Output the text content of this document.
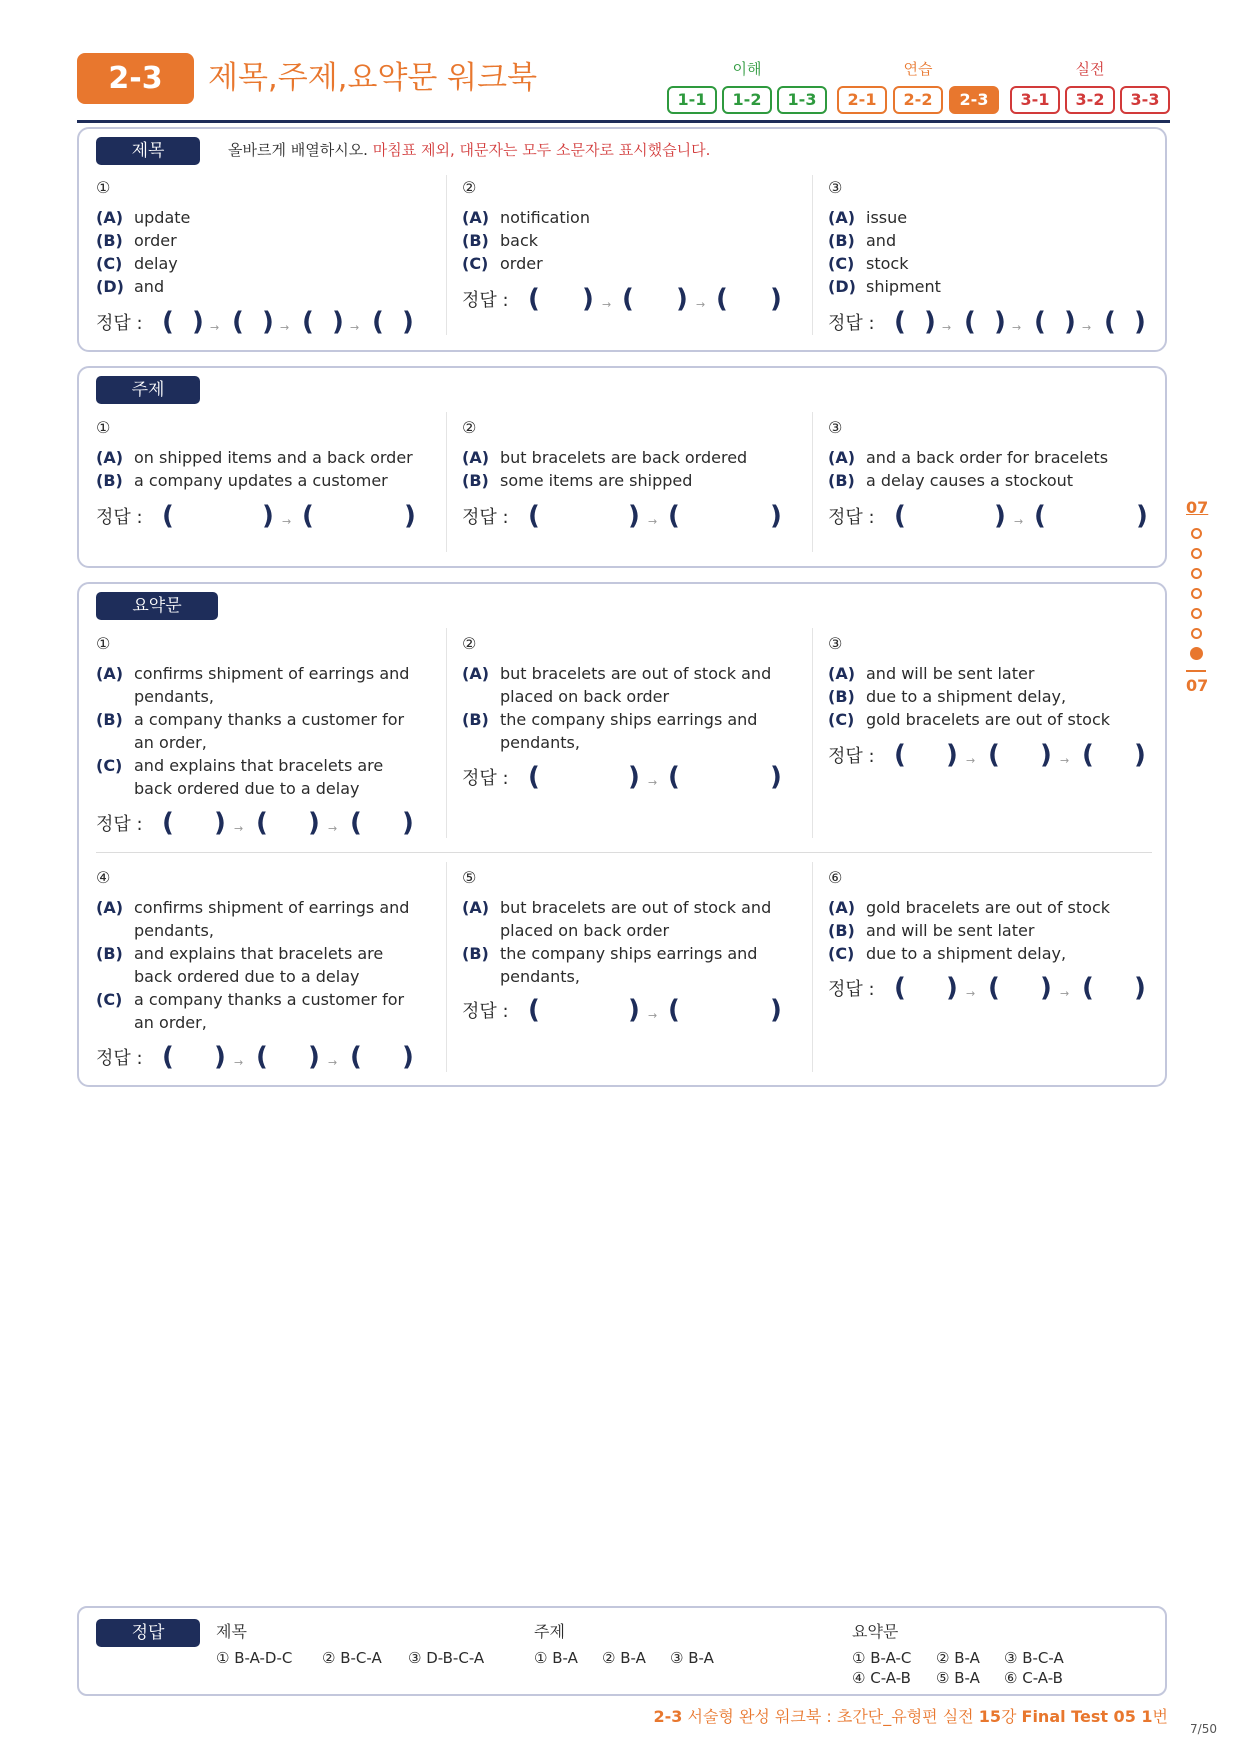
2-3	제목,주제,요약문 워크북	이해	연습	실전
1-1	1-2	1-3	2-1	2-2	2-3	3-1	3-2	3-3
제목	올바르게 배열하시오. 마침표 제외, 대문자는 모두 소문자로 표시했습니다.
①
(A) update
(B) order
(C) delay
(D) and
정답 : ( ) → ( ) → ( ) → ( )
②
(A) notification
(B) back
(C) order
정답 : ( ) → ( ) → ( )
③
(A) issue
(B) and
(C) stock
(D) shipment
정답 : ( ) → ( ) → ( ) → ( )
주제
①
(A) on shipped items and a back order
(B) a company updates a customer
정답 : (	) → (	)
②
(A) but bracelets are back ordered
(B) some items are shipped
정답 : (	) → (	)
③
(A) and a back order for bracelets
(B) a delay causes a stockout
정답 : (	) → (	)
요약문
①
(A) confirms shipment of earrings and
pendants,
(B) a company thanks a customer for
an order,
(C) and explains that bracelets are
back ordered due to a delay
정답 : ( ) → ( ) → ( )
②
(A) but bracelets are out of stock and
placed on back order
(B) the company ships earrings and
pendants,
정답 : (	) → (	)
③
(A) and will be sent later
(B) due to a shipment delay,
(C) gold bracelets are out of stock
정답 : ( ) → ( ) → ( )
④
(A) confirms shipment of earrings and
pendants,
(B) and explains that bracelets are
back ordered due to a delay
(C) a company thanks a customer for
an order,
정답 : ( ) → ( ) → ( )
⑤
(A) but bracelets are out of stock and
placed on back order
(B) the company ships earrings and
pendants,
정답 : (	) → (	)
⑥
(A) gold bracelets are out of stock
(B) and will be sent later
(C) due to a shipment delay,
정답 : ( ) → ( ) → ( )
07
07
정답	제목
① B-A-D-C ② B-C-A ③ D-B-C-A
주제
① B-A ② B-A ③ B-A
요약문
① B-A-C ② B-A ③ B-C-A
④ C-A-B ⑤ B-A ⑥ C-A-B
2-3 서술형 완성 워크북 : 초간단_유형편 실전 15강 Final Test 05 1번
7/50
